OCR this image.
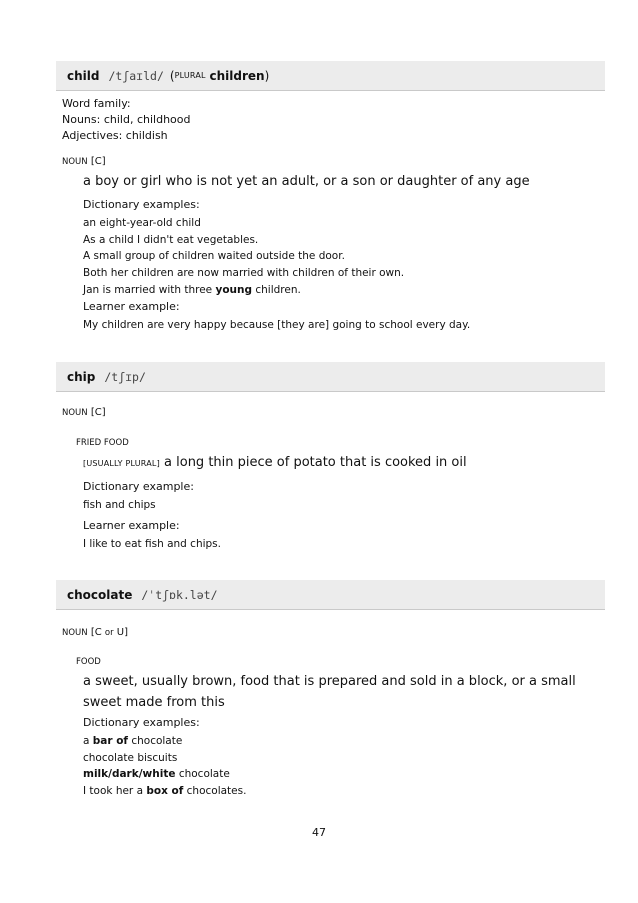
child /tʃaɪld/ ( PLURAL
children )
Word family:
Nouns: child, childhood
Adjectives: childish
NOUN [C]
a boy or girl who is not yet an adult, or a son or daughter of any age
Dictionary examples:
an eight-year-old child
As a child I didn't eat vegetables.
A small group of children waited outside the door.
Both her children are now married with children of their own.
Jan is married with three young children.
Learner example:
My children are very happy because [they are] going to school every day.
chip /tʃɪp/
NOUN [C]
FRIED FOOD
[USUALLY PLURAL] a long thin piece of potato that is cooked in oil
Dictionary example:
fish and chips
Learner example:
I like to eat fish and chips.
chocolate /ˈtʃɒk.lət/
NOUN [C or U]
FOOD
a sweet, usually brown, food that is prepared and sold in a block, or a small sweet made from this
Dictionary examples:
a bar of chocolate
chocolate biscuits
milk/dark/white chocolate
I took her a box of chocolates.
47
